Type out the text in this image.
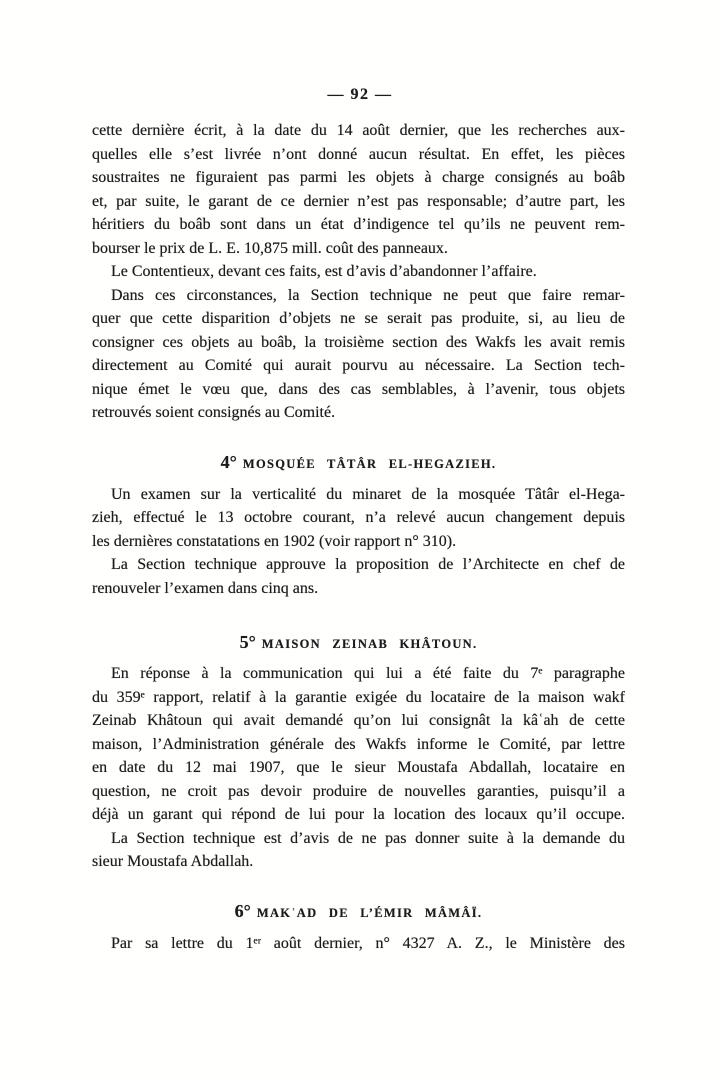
— 92 —

cette dernière écrit, à la date du 14 août dernier, que les recherches aux-
quelles elle s’est livrée n’ont donné aucun résultat. En effet, les pièces
soustraites ne figuraient pas parmi les objets à charge consignés au boâb
et, par suite, le garant de ce dernier n’est pas responsable; d’autre part, les
héritiers du boâb sont dans un état d’indigence tel qu’ils ne peuvent rem-
bourser le prix de L. E. 10,875 mill. coût des panneaux.

Le Contentieux, devant ces faits, est d’avis d’abandonner l’affaire.

Dans ces circonstances, la Section technique ne peut que faire remar-
quer que cette disparition d’objets ne se serait pas produite, si, au lieu de
consigner ces objets au boâb, la troisième section des Wakfs les avait remis
directement au Comité qui aurait pourvu au nécessaire. La Section tech-
nique émet le vœu que, dans des cas semblables, à l’avenir, tous objets
retrouvés soient consignés au Comité.

4° MOSQUÉE TÂTÂR EL-HEGAZIEH.

Un examen sur la verticalité du minaret de la mosquée Tâtâr el-Hega-
zieh, effectué le 13 octobre courant, n’a relevé aucun changement depuis
les dernières constatations en 1902 (voir rapport n° 310).

La Section technique approuve la proposition de l’Architecte en chef de
renouveler l’examen dans cinq ans.

5° MAISON ZEINAB KHÂTOUN.

En réponse à la communication qui lui a été faite du 7ᵉ paragraphe
du 359ᵉ rapport, relatif à la garantie exigée du locataire de la maison wakf
Zeinab Khâtoun qui avait demandé qu’on lui consignât la kâʿah de cette
maison, l’Administration générale des Wakfs informe le Comité, par lettre
en date du 12 mai 1907, que le sieur Moustafa Abdallah, locataire en
question, ne croit pas devoir produire de nouvelles garanties, puisqu’il a
déjà un garant qui répond de lui pour la location des locaux qu’il occupe.

La Section technique est d’avis de ne pas donner suite à la demande du
sieur Moustafa Abdallah.

6° MAKʿAD DE L’ÉMIR MÂMÂÏ.

Par sa lettre du 1ᵉʳ août dernier, n° 4327 A. Z., le Ministère des
